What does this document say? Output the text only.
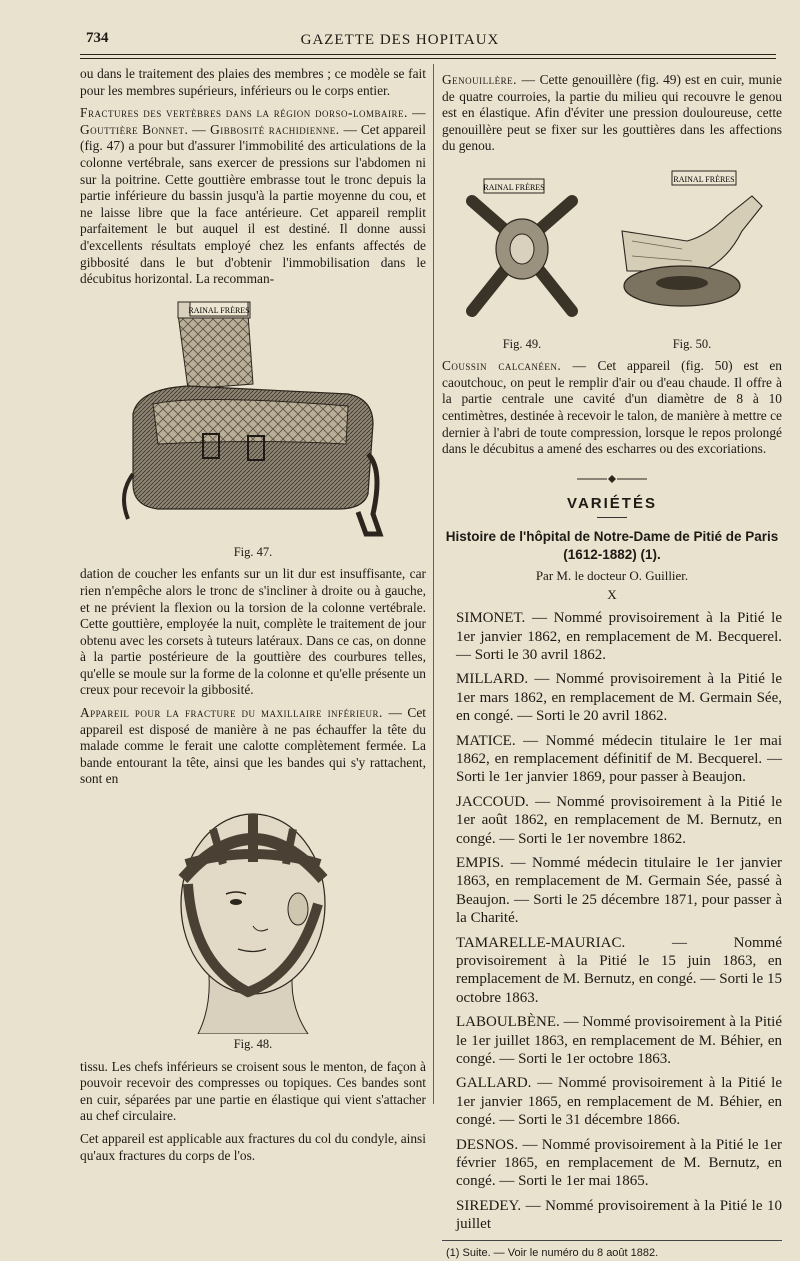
734	GAZETTE DES HOPITAUX

ou dans le traitement des plaies des membres ; ce modèle se fait pour les membres supérieurs, inférieurs ou le corps entier.

Fractures des vertèbres dans la région dorso-lombaire. — Gouttière Bonnet. — Gibbosité rachidienne. — Cet appareil (fig. 47) a pour but d'assurer l'immobilité des articulations de la colonne vertébrale, sans exercer de pressions sur l'abdomen ni sur la poitrine. Cette gouttière embrasse tout le tronc depuis la partie inférieure du bassin jusqu'à la partie moyenne du cou, et ne laisse libre que la face antérieure. Cet appareil remplit parfaitement le but auquel il est destiné. Il donne aussi d'excellents résultats employé chez les enfants affectés de gibbosité dans le but d'obtenir l'immobilisation dans le décubitus horizontal. La recomman-

RAINAL FRÈRES

Fig. 47.

dation de coucher les enfants sur un lit dur est insuffisante, car rien n'empêche alors le tronc de s'incliner à droite ou à gauche, et ne prévient la flexion ou la torsion de la colonne vertébrale. Cette gouttière, employée la nuit, complète le traitement de jour obtenu avec les corsets à tuteurs latéraux. Dans ce cas, on donne à la partie postérieure de la gouttière des courbures telles, qu'elle se moule sur la forme de la colonne et qu'elle présente un creux pour recevoir la gibbosité.

Appareil pour la fracture du maxillaire inférieur. — Cet appareil est disposé de manière à ne pas échauffer la tête du malade comme le ferait une calotte complètement fermée. La bande entourant la tête, ainsi que les bandes qui s'y rattachent, sont en

Fig. 48.

tissu. Les chefs inférieurs se croisent sous le menton, de façon à pouvoir recevoir des compresses ou topiques. Ces bandes sont en cuir, séparées par une partie en élastique qui vient s'attacher au chef circulaire.

Cet appareil est applicable aux fractures du col du condyle, ainsi qu'aux fractures du corps de l'os.

Genouillère. — Cette genouillère (fig. 49) est en cuir, munie de quatre courroies, la partie du milieu qui recouvre le genou est en élastique. Afin d'éviter une pression douloureuse, cette genouillère peut se fixer sur les gouttières dans les affections du genou.

RAINAL FRÈRES

Fig. 49.

RAINAL FRÈRES

Fig. 50.

Coussin calcanéen. — Cet appareil (fig. 50) est en caoutchouc, on peut le remplir d'air ou d'eau chaude. Il offre à la partie centrale une cavité d'un diamètre de 8 à 10 centimètres, destinée à recevoir le talon, de manière à mettre ce dernier à l'abri de toute compression, lorsque le repos prolongé dans le décubitus a amené des escharres ou des excoriations.

VARIÉTÉS
Histoire de l'hôpital de Notre-Dame de Pitié de Paris
(1612-1882) (1).
Par M. le docteur O. Guillier.
X

SIMONET. — Nommé provisoirement à la Pitié le 1er janvier 1862, en remplacement de M. Becquerel. — Sorti le 30 avril 1862.

MILLARD. — Nommé provisoirement à la Pitié le 1er mars 1862, en remplacement de M. Germain Sée, en congé. — Sorti le 20 avril 1862.

MATICE. — Nommé médecin titulaire le 1er mai 1862, en remplacement définitif de M. Becquerel. — Sorti le 1er janvier 1869, pour passer à Beaujon.

JACCOUD. — Nommé provisoirement à la Pitié le 1er août 1862, en remplacement de M. Bernutz, en congé. — Sorti le 1er novembre 1862.

EMPIS. — Nommé médecin titulaire le 1er janvier 1863, en remplacement de M. Germain Sée, passé à Beaujon. — Sorti le 25 décembre 1871, pour passer à la Charité.

TAMARELLE-MAURIAC. — Nommé provisoirement à la Pitié le 15 juin 1863, en remplacement de M. Bernutz, en congé. — Sorti le 15 octobre 1863.

LABOULBÈNE. — Nommé provisoirement à la Pitié le 1er juillet 1863, en remplacement de M. Béhier, en congé. — Sorti le 1er octobre 1863.

GALLARD. — Nommé provisoirement à la Pitié le 1er janvier 1865, en remplacement de M. Béhier, en congé. — Sorti le 31 décembre 1866.

DESNOS. — Nommé provisoirement à la Pitié le 1er février 1865, en remplacement de M. Bernutz, en congé. — Sorti le 1er mai 1865.

SIREDEY. — Nommé provisoirement à la Pitié le 10 juillet

(1) Suite. — Voir le numéro du 8 août 1882.
